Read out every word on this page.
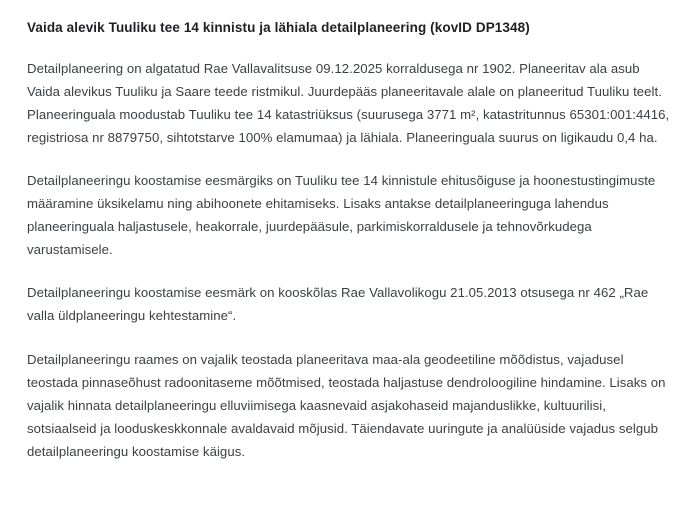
Vaida alevik Tuuliku tee 14 kinnistu ja lähiala detailplaneering (kovID DP1348)

Detailplaneering on algatatud Rae Vallavalitsuse 09.12.2025 korraldusega nr 1902. Planeeritav ala asub Vaida alevikus Tuuliku ja Saare teede ristmikul. Juurdepääs planeeritavale alale on planeeritud Tuuliku teelt. Planeeringuala moodustab Tuuliku tee 14 katastriüksus (suurusega 3771 m², katastritunnus 65301:001:4416, registriosa nr 8879750, sihtotstarve 100% elamumaa) ja lähiala. Planeeringuala suurus on ligikaudu 0,4 ha.

Detailplaneeringu koostamise eesmärgiks on Tuuliku tee 14 kinnistule ehitusõiguse ja hoonestustingimuste määramine üksikelamu ning abihoonete ehitamiseks. Lisaks antakse detailplaneeringuga lahendus planeeringuala haljastusele, heakorrale, juurdepääsule, parkimiskorraldusele ja tehnovõrkudega varustamisele.

Detailplaneeringu koostamise eesmärk on kooskõlas Rae Vallavolikogu 21.05.2013 otsusega nr 462 „Rae valla üldplaneeringu kehtestamine“.

Detailplaneeringu raames on vajalik teostada planeeritava maa-ala geodeetiline mõõdistus, vajadusel teostada pinnaseõhust radoonitaseme mõõtmised, teostada haljastuse dendroloogiline hindamine. Lisaks on vajalik hinnata detailplaneeringu elluviimisega kaasnevaid asjakohaseid majanduslikke, kultuurilisi, sotsiaalseid ja looduskeskkonnale avaldavaid mõjusid. Täiendavate uuringute ja analüüside vajadus selgub detailplaneeringu koostamise käigus.
